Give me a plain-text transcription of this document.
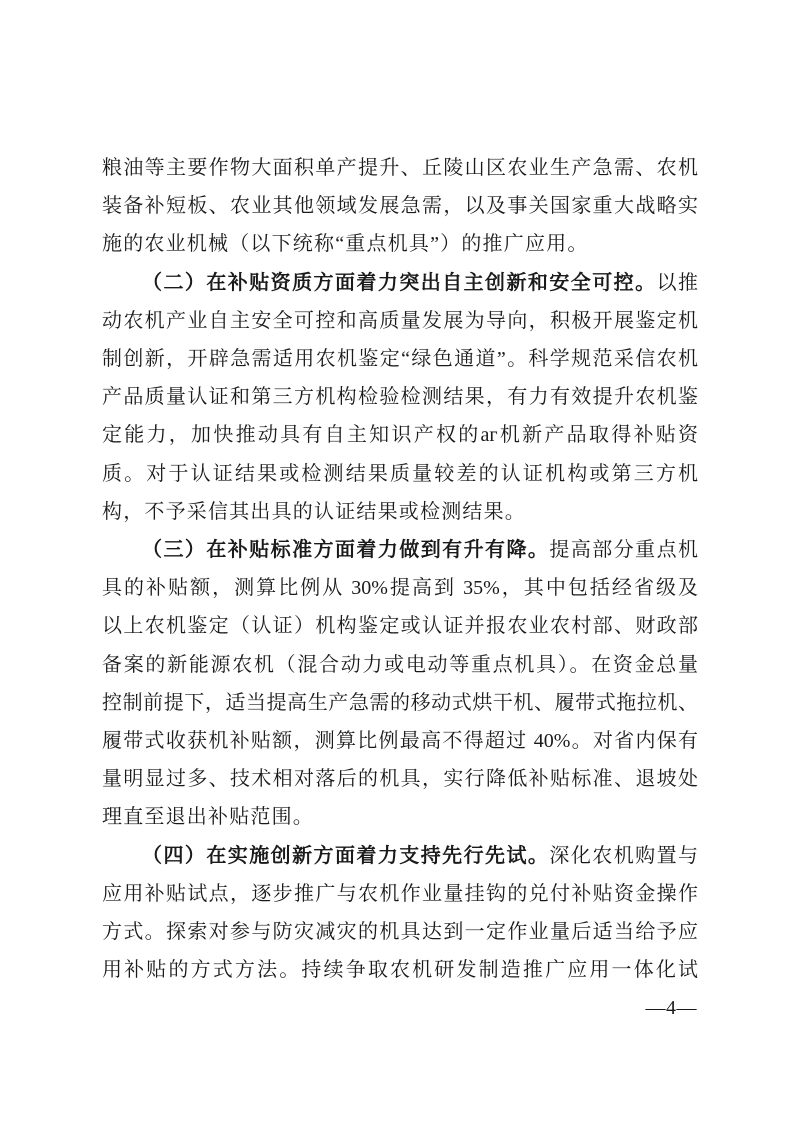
粮油等主要作物大面积单产提升、丘陵山区农业生产急需、农机
装备补短板、农业其他领域发展急需，以及事关国家重大战略实
施的农业机械（以下统称“重点机具”）的推广应用。
（二）在补贴资质方面着力突出自主创新和安全可控。以推
动农机产业自主安全可控和高质量发展为导向，积极开展鉴定机
制创新，开辟急需适用农机鉴定“绿色通道”。科学规范采信农机
产品质量认证和第三方机构检验检测结果，有力有效提升农机鉴
定能力，加快推动具有自主知识产权的аг机新产品取得补贴资
质。对于认证结果或检测结果质量较差的认证机构或第三方机
构，不予采信其出具的认证结果或检测结果。
（三）在补贴标准方面着力做到有升有降。提高部分重点机
具的补贴额，测算比例从 30%提高到 35%，其中包括经省级及
以上农机鉴定（认证）机构鉴定或认证并报农业农村部、财政部
备案的新能源农机（混合动力或电动等重点机具）。在资金总量
控制前提下，适当提高生产急需的移动式烘干机、履带式拖拉机、
履带式收获机补贴额，测算比例最高不得超过 40%。对省内保有
量明显过多、技术相对落后的机具，实行降低补贴标准、退坡处
理直至退出补贴范围。
（四）在实施创新方面着力支持先行先试。深化农机购置与
应用补贴试点，逐步推广与农机作业量挂钩的兑付补贴资金操作
方式。探索对参与防灾减灾的机具达到一定作业量后适当给予应
用补贴的方式方法。持续争取农机研发制造推广应用一体化试
—4—
